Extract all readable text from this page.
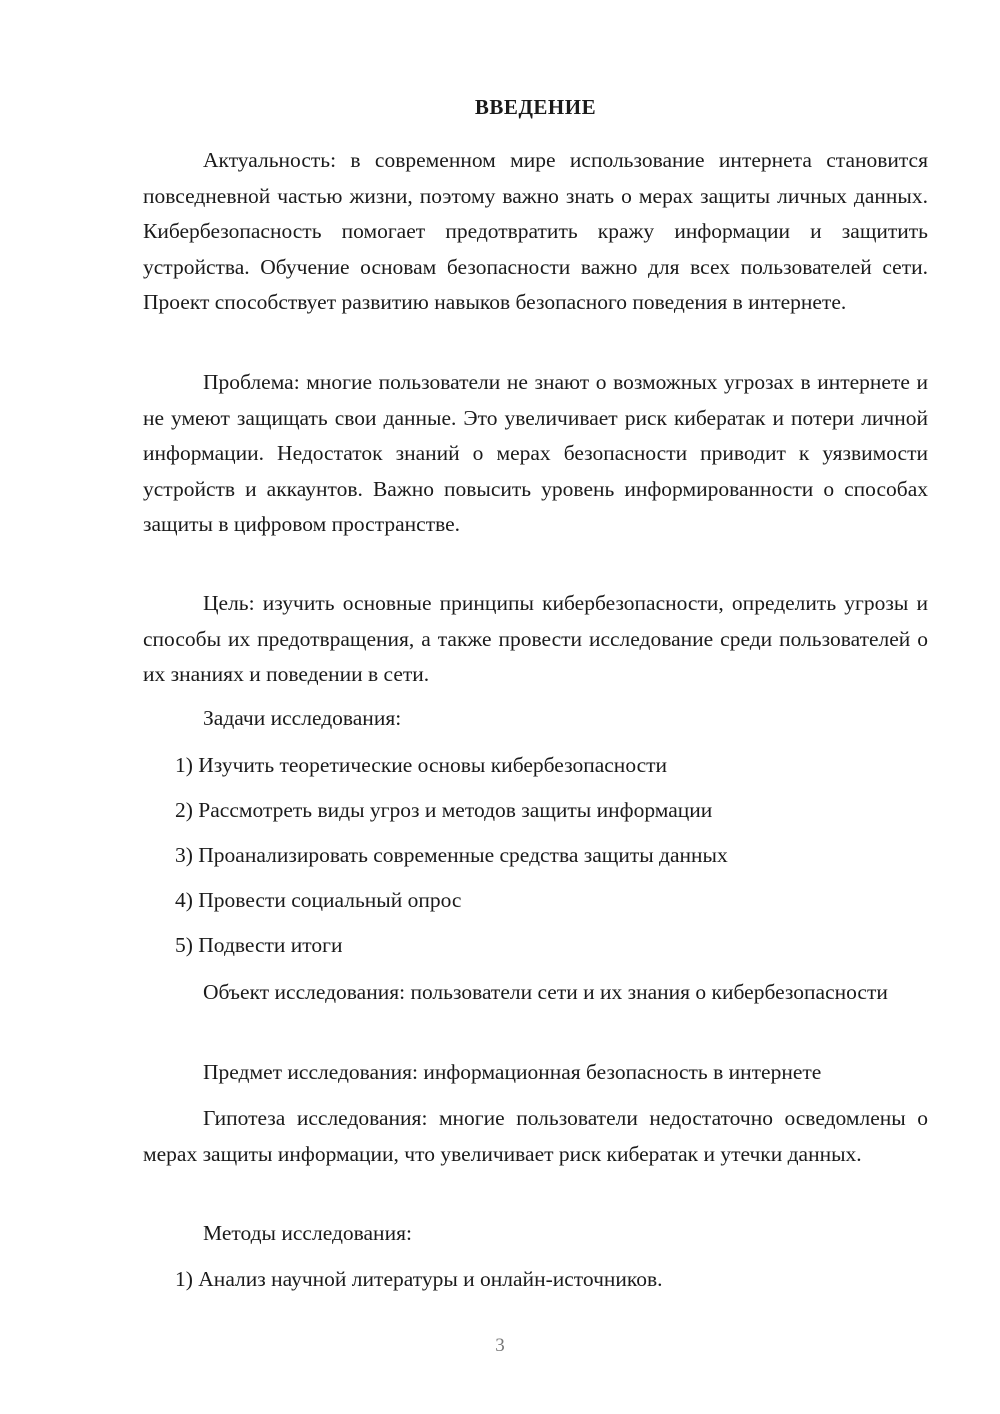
ВВЕДЕНИЕ

Актуальность: в современном мире использование интернета становится повседневной частью жизни, поэтому важно знать о мерах защиты личных данных. Кибербезопасность помогает предотвратить кражу информации и защитить устройства. Обучение основам безопасности важно для всех пользователей сети. Проект способствует развитию навыков безопасного поведения в интернете.

Проблема: многие пользователи не знают о возможных угрозах в интернете и не умеют защищать свои данные. Это увеличивает риск кибератак и потери личной информации. Недостаток знаний о мерах безопасности приводит к уязвимости устройств и аккаунтов. Важно повысить уровень информированности о способах защиты в цифровом пространстве.

Цель: изучить основные принципы кибербезопасности, определить угрозы и способы их предотвращения, а также провести исследование среди пользователей о их знаниях и поведении в сети.

Задачи исследования:

1) Изучить теоретические основы кибербезопасности

2) Рассмотреть виды угроз и методов защиты информации

3) Проанализировать современные средства защиты данных

4) Провести социальный опрос

5) Подвести итоги

Объект исследования: пользователи сети и их знания о кибербезопасности

Предмет исследования: информационная безопасность в интернете

Гипотеза исследования: многие пользователи недостаточно осведомлены о мерах защиты информации, что увеличивает риск кибератак и утечки данных.

Методы исследования:

1) Анализ научной литературы и онлайн-источников.

3
